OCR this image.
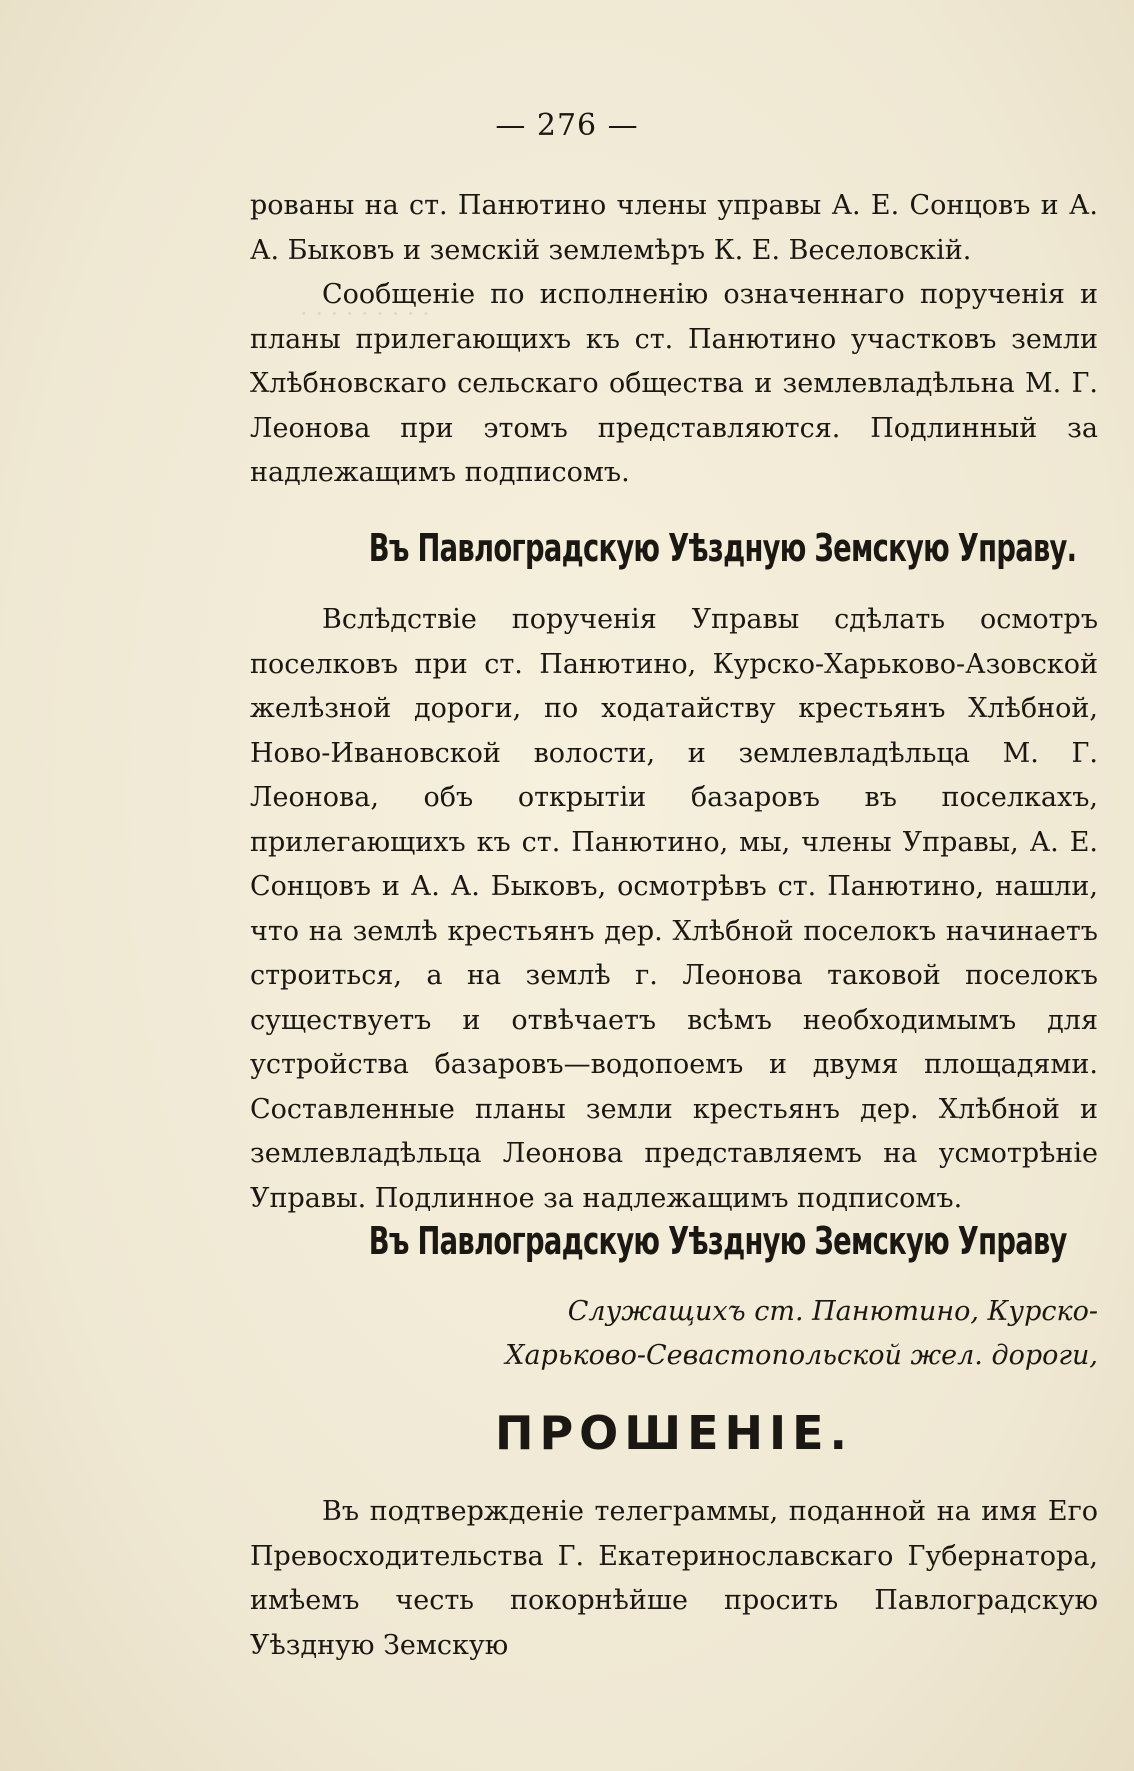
· · · · · · · · ·
— 276 —

рованы на ст. Панютино члены управы А. Е. Сонцовъ и А. А. Быковъ и земскій землемѣръ К. Е. Веселовскій.

Сообщеніе по исполненію означеннаго порученія и планы прилегающихъ къ ст. Панютино участковъ земли Хлѣбновскаго сельскаго общества и землевладѣльна М. Г. Леонова при этомъ представляются. Подлинный за надлежащимъ подписомъ.

Въ Павлоградскую Уѣздную Земскую Управу.

Вслѣдствіе порученія Управы сдѣлать осмотръ поселковъ при ст. Панютино, Курско-Харьково-Азовской желѣзной дороги, по ходатайству крестьянъ Хлѣбной, Ново-Ивановской волости, и землевладѣльца М. Г. Леонова, объ открытіи базаровъ въ поселкахъ, прилегающихъ къ ст. Панютино, мы, члены Управы, А. Е. Сонцовъ и А. А. Быковъ, осмотрѣвъ ст. Панютино, нашли, что на землѣ крестьянъ дер. Хлѣбной поселокъ начинаетъ строиться, а на землѣ г. Леонова таковой поселокъ существуетъ и отвѣчаетъ всѣмъ необходимымъ для устройства базаровъ—водопоемъ и двумя площадями. Составленные планы земли крестьянъ дер. Хлѣбной и землевладѣльца Леонова представляемъ на усмотрѣніе Управы. Подлинное за надлежащимъ подписомъ.

Въ Павлоградскую Уѣздную Земскую Управу
Служащихъ ст. Панютино, Курско-
Харьково-Севастопольской жел. дороги,
ПРОШЕНІЕ.

Въ подтвержденіе телеграммы, поданной на имя Его Превосходительства Г. Екатеринославскаго Губернатора, имѣемъ честь покорнѣйше просить Павлоградскую Уѣздную Земскую
